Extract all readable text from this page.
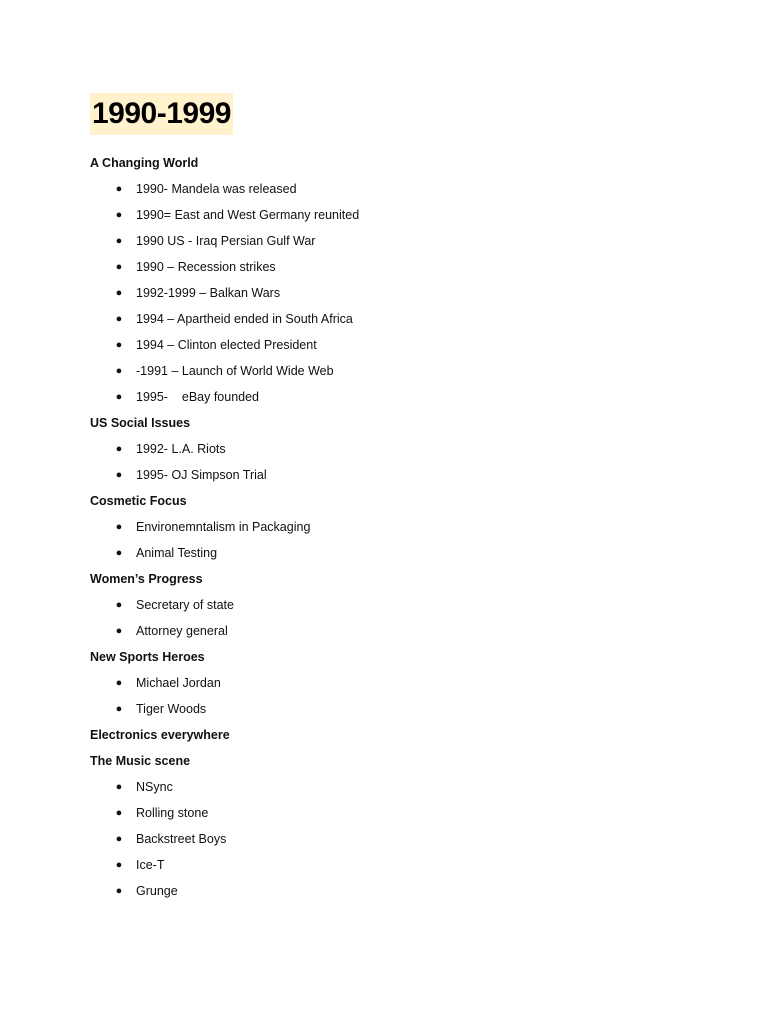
1990-1999
A Changing World
● 1990- Mandela was released
● 1990= East and West Germany reunited
● 1990 US - Iraq Persian Gulf War
● 1990 – Recession strikes
● 1992-1999 – Balkan Wars
● 1994 – Apartheid ended in South Africa
● 1994 – Clinton elected President
● -1991 – Launch of World Wide Web
● 1995-    eBay founded
US Social Issues
● 1992- L.A. Riots
● 1995- OJ Simpson Trial
Cosmetic Focus
● Environemntalism in Packaging
● Animal Testing
Women’s Progress
● Secretary of state
● Attorney general
New Sports Heroes
● Michael Jordan
● Tiger Woods
Electronics everywhere
The Music scene
● NSync
● Rolling stone
● Backstreet Boys
● Ice-T
● Grunge
